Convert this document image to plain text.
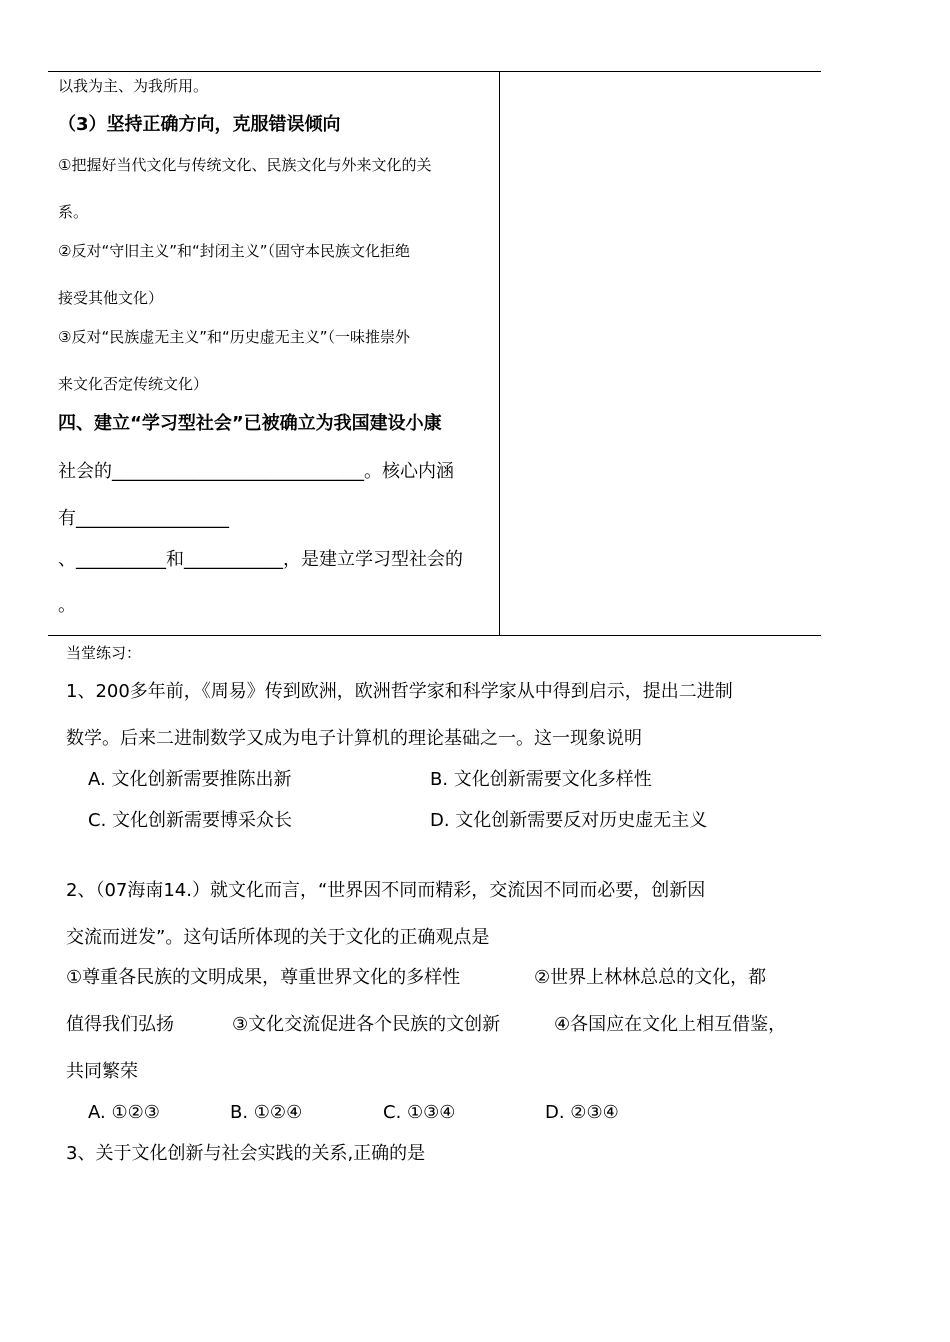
以我为主、为我所用。
（3）坚持正确方向，克服错误倾向
①把握好当代文化与传统文化、民族文化与外来文化的关
系。
②反对“守旧主义”和“封闭主义”（固守本民族文化拒绝
接受其他文化）
③反对“民族虚无主义”和“历史虚无主义”（一味推崇外
来文化否定传统文化）
四、建立“学习型社会”已被确立为我国建设小康
社会的____________________________。核心内涵
有_________________
、__________和___________，是建立学习型社会的
。
当堂练习：
1、200多年前，《周易》传到欧洲，欧洲哲学家和科学家从中得到启示，提出二进制
数学。后来二进制数学又成为电子计算机的理论基础之一。这一现象说明
A. 文化创新需要推陈出新	B. 文化创新需要文化多样性
C. 文化创新需要博采众长	D. 文化创新需要反对历史虚无主义
2、（07海南14.）就文化而言，“世界因不同而精彩，交流因不同而必要，创新因
交流而迸发”。这句话所体现的关于文化的正确观点是
①尊重各民族的文明成果，尊重世界文化的多样性	②世界上林林总总的文化，都
值得我们弘扬	③文化交流促进各个民族的文创新	④各国应在文化上相互借鉴，
共同繁荣
A. ①②③	B. ①②④	C. ①③④	D. ②③④
3、关于文化创新与社会实践的关系,正确的是
